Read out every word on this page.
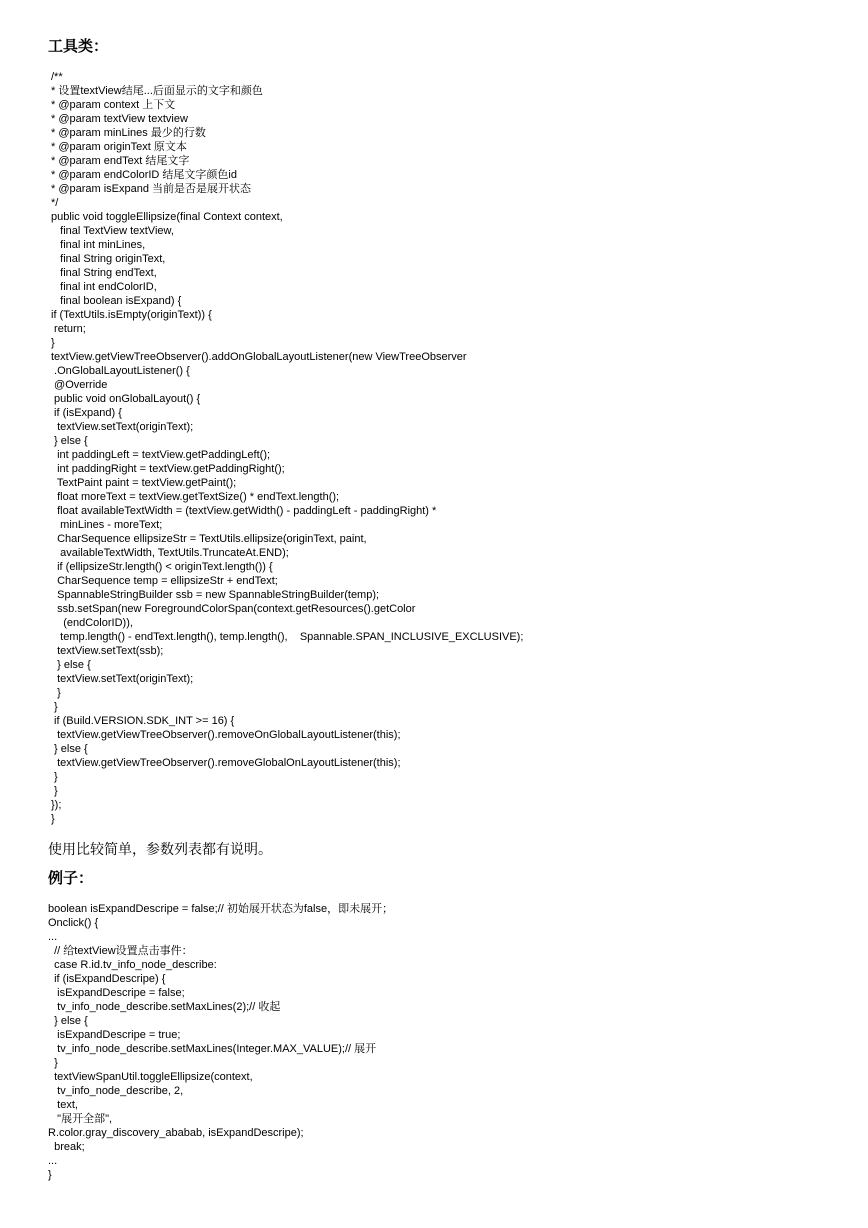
工具类：
/**
* 设置textView结尾...后面显示的文字和颜色
* @param context 上下文
* @param textView textview
* @param minLines 最少的行数
* @param originText 原文本
* @param endText 结尾文字
* @param endColorID 结尾文字颜色id
* @param isExpand 当前是否是展开状态
*/
public void toggleEllipsize(final Context context,
final TextView textView,
final int minLines,
final String originText,
final String endText,
final int endColorID,
final boolean isExpand) {
if (TextUtils.isEmpty(originText)) {
return;
}
textView.getViewTreeObserver().addOnGlobalLayoutListener(new ViewTreeObserver
.OnGlobalLayoutListener() {
@Override
public void onGlobalLayout() {
if (isExpand) {
textView.setText(originText);
} else {
int paddingLeft = textView.getPaddingLeft();
int paddingRight = textView.getPaddingRight();
TextPaint paint = textView.getPaint();
float moreText = textView.getTextSize() * endText.length();
float availableTextWidth = (textView.getWidth() - paddingLeft - paddingRight) *
minLines - moreText;
CharSequence ellipsizeStr = TextUtils.ellipsize(originText, paint,
availableTextWidth, TextUtils.TruncateAt.END);
if (ellipsizeStr.length() < originText.length()) {
CharSequence temp = ellipsizeStr + endText;
SpannableStringBuilder ssb = new SpannableStringBuilder(temp);
ssb.setSpan(new ForegroundColorSpan(context.getResources().getColor
(endColorID)),
temp.length() - endText.length(), temp.length(),    Spannable.SPAN_INCLUSIVE_EXCLUSIVE);
textView.setText(ssb);
} else {
textView.setText(originText);
}
}
if (Build.VERSION.SDK_INT >= 16) {
textView.getViewTreeObserver().removeOnGlobalLayoutListener(this);
} else {
textView.getViewTreeObserver().removeGlobalOnLayoutListener(this);
}
}
});
}
使用比较简单，参数列表都有说明。
例子：
boolean isExpandDescripe = false;// 初始展开状态为false，即未展开；
Onclick() {
...
// 给textView设置点击事件：
case R.id.tv_info_node_describe:
if (isExpandDescripe) {
isExpandDescripe = false;
tv_info_node_describe.setMaxLines(2);// 收起
} else {
isExpandDescripe = true;
tv_info_node_describe.setMaxLines(Integer.MAX_VALUE);// 展开
}
textViewSpanUtil.toggleEllipsize(context,
tv_info_node_describe, 2,
text,
"展开全部",
R.color.gray_discovery_ababab, isExpandDescripe);
break;
...
}
